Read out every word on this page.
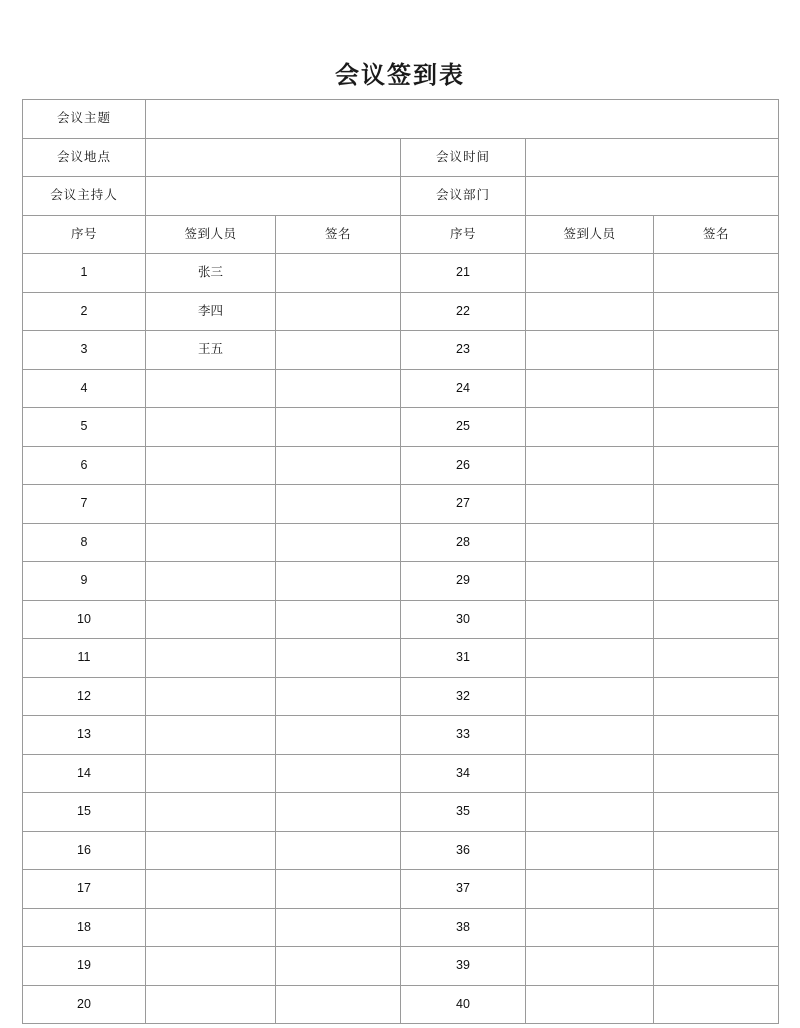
会议签到表
会议主题					
会议地点			会议时间		
会议主持人			会议部门		
序号	签到人员	签名	序号	签到人员	签名
1	张三		21		
2	李四		22		
3	王五		23		
4			24		
5			25		
6			26		
7			27		
8			28		
9			29		
10			30		
11			31		
12			32		
13			33		
14			34		
15			35		
16			36		
17			37		
18			38		
19			39		
20			40		
